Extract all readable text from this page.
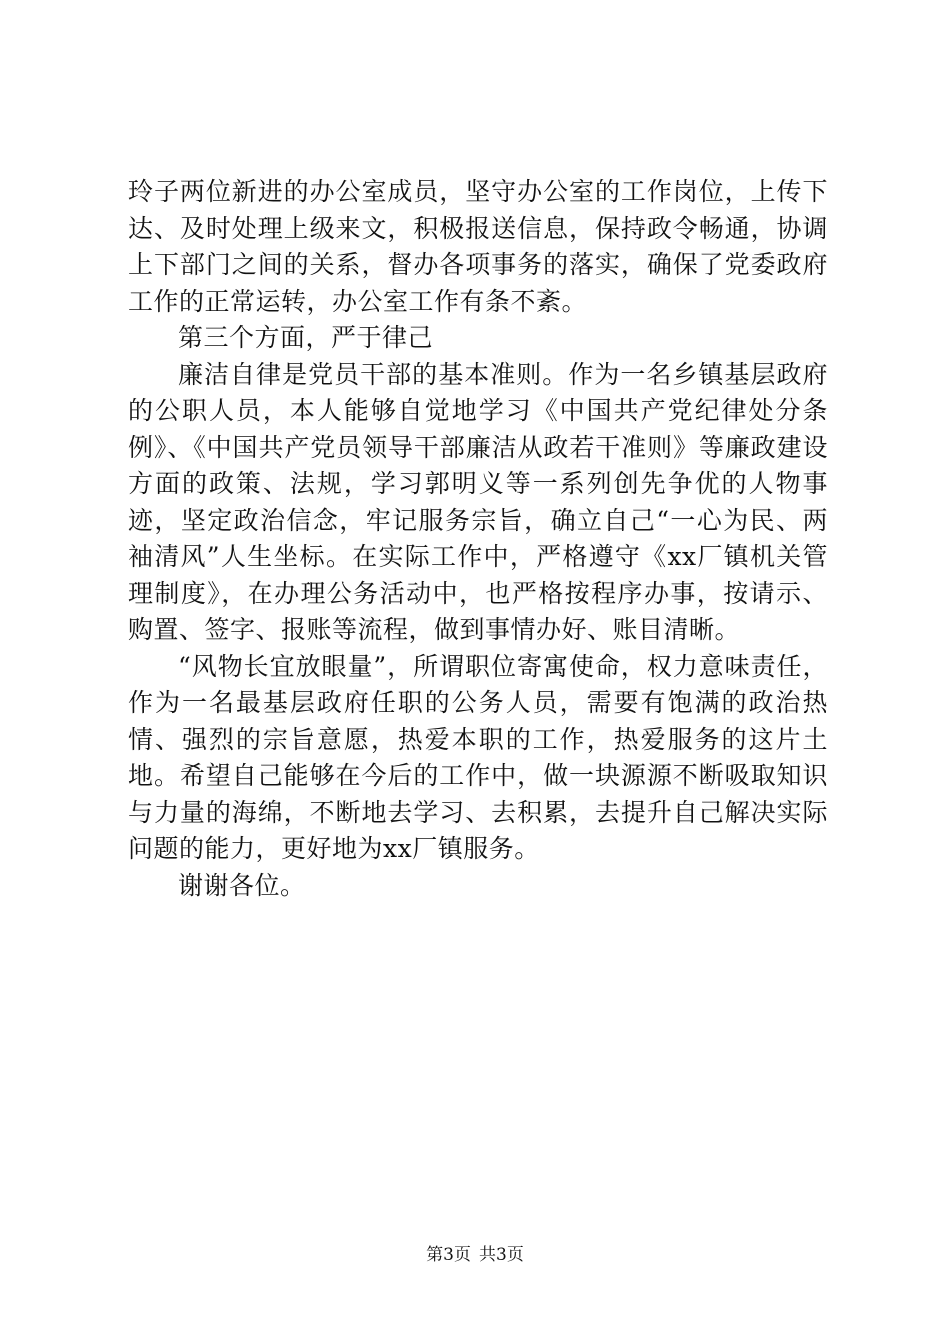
玲子两位新进的办公室成员，坚守办公室的工作岗位，上传下达、及时处理上级来文，积极报送信息，保持政令畅通，协调上下部门之间的关系，督办各项事务的落实，确保了党委政府工作的正常运转，办公室工作有条不紊。

第三个方面，严于律己

廉洁自律是党员干部的基本准则。作为一名乡镇基层政府的公职人员，本人能够自觉地学习《中国共产党纪律处分条例》、《中国共产党员领导干部廉洁从政若干准则》等廉政建设方面的政策、法规，学习郭明义等一系列创先争优的人物事迹，坚定政治信念，牢记服务宗旨，确立自己“一心为民、两袖清风”人生坐标。在实际工作中，严格遵守《xx厂镇机关管理制度》，在办理公务活动中，也严格按程序办事，按请示、购置、签字、报账等流程，做到事情办好、账目清晰。

“风物长宜放眼量”，所谓职位寄寓使命，权力意味责任，作为一名最基层政府任职的公务人员，需要有饱满的政治热情、强烈的宗旨意愿，热爱本职的工作，热爱服务的这片土地。希望自己能够在今后的工作中，做一块源源不断吸取知识与力量的海绵，不断地去学习、去积累，去提升自己解决实际问题的能力，更好地为xx厂镇服务。

谢谢各位。

第3页 共3页
